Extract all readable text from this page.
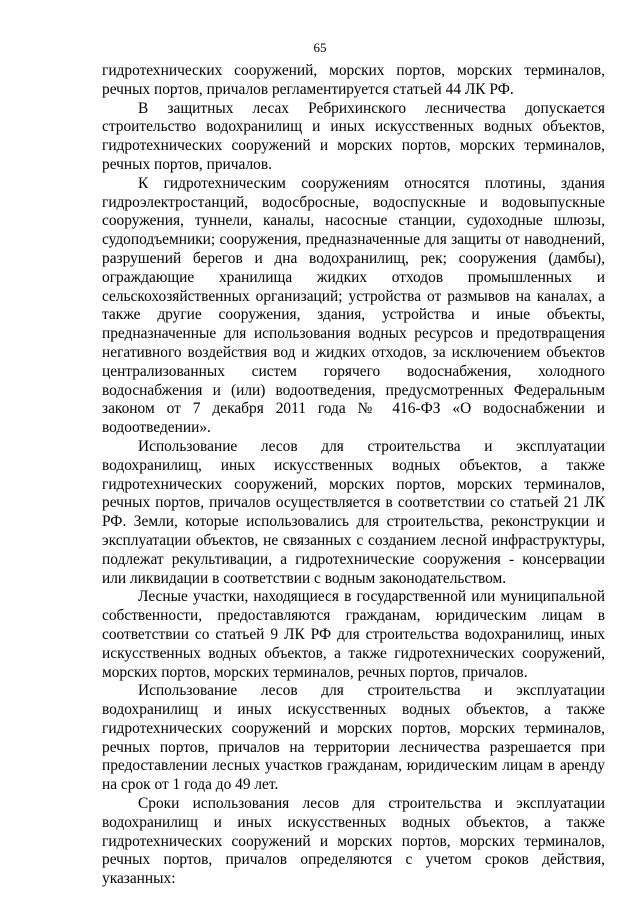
65

гидротехнических сооружений, морских портов, морских терминалов, речных портов, причалов регламентируется статьей 44 ЛК РФ.

В защитных лесах Ребрихинского лесничества допускается строительство водохранилищ и иных искусственных водных объектов, гидротехнических сооружений и морских портов, морских терминалов, речных портов, причалов.

К гидротехническим сооружениям относятся плотины, здания гидроэлектростанций, водосбросные, водоспускные и водовыпускные сооружения, туннели, каналы, насосные станции, судоходные шлюзы, судоподъемники; сооружения, предназначенные для защиты от наводнений, разрушений берегов и дна водохранилищ, рек; сооружения (дамбы), ограждающие хранилища жидких отходов промышленных и сельскохозяйственных организаций; устройства от размывов на каналах, а также другие сооружения, здания, устройства и иные объекты, предназначенные для использования водных ресурсов и предотвращения негативного воздействия вод и жидких отходов, за исключением объектов централизованных систем горячего водоснабжения, холодного водоснабжения и (или) водоотведения, предусмотренных Федеральным законом от 7 декабря 2011 года № 416-ФЗ «О водоснабжении и водоотведении».

Использование лесов для строительства и эксплуатации водохранилищ, иных искусственных водных объектов, а также гидротехнических сооружений, морских портов, морских терминалов, речных портов, причалов осуществляется в соответствии со статьей 21 ЛК РФ. Земли, которые использовались для строительства, реконструкции и эксплуатации объектов, не связанных с созданием лесной инфраструктуры, подлежат рекультивации, а гидротехнические сооружения - консервации или ликвидации в соответствии с водным законодательством.

Лесные участки, находящиеся в государственной или муниципальной собственности, предоставляются гражданам, юридическим лицам в соответствии со статьей 9 ЛК РФ для строительства водохранилищ, иных искусственных водных объектов, а также гидротехнических сооружений, морских портов, морских терминалов, речных портов, причалов.

Использование лесов для строительства и эксплуатации водохранилищ и иных искусственных водных объектов, а также гидротехнических сооружений и морских портов, морских терминалов, речных портов, причалов на территории лесничества разрешается при предоставлении лесных участков гражданам, юридическим лицам в аренду на срок от 1 года до 49 лет.

Сроки использования лесов для строительства и эксплуатации водохранилищ и иных искусственных водных объектов, а также гидротехнических сооружений и морских портов, морских терминалов, речных портов, причалов определяются с учетом сроков действия, указанных:
